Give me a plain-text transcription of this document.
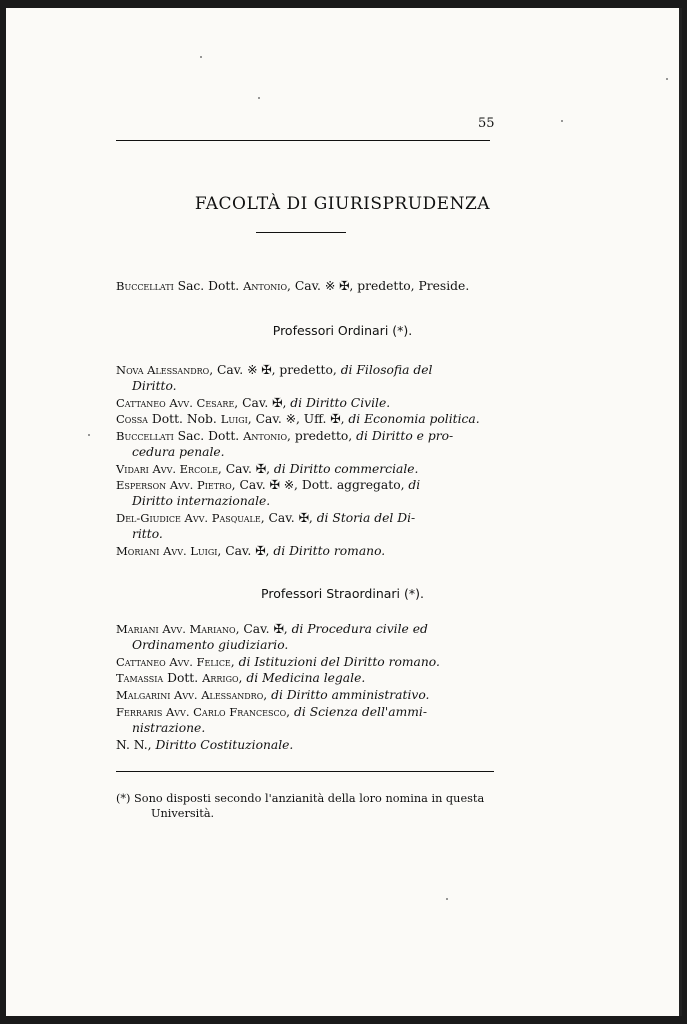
55
FACOLTÀ DI GIURISPRUDENZA
Buccellati Sac. Dott. Antonio, Cav. ※ ✠, predetto, Preside.
Professori Ordinari (*).
Nova Alessandro, Cav. ※ ✠, predetto, di Filosofia del
Diritto.
Cattaneo Avv. Cesare, Cav. ✠, di Diritto Civile.
Cossa Dott. Nob. Luigi, Cav. ※, Uff. ✠, di Economia politica.
Buccellati Sac. Dott. Antonio, predetto, di Diritto e pro-
cedura penale.
Vidari Avv. Ercole, Cav. ✠, di Diritto commerciale.
Esperson Avv. Pietro, Cav. ✠ ※, Dott. aggregato, di
Diritto internazionale.
Del-Giudice Avv. Pasquale, Cav. ✠, di Storia del Di-
ritto.
Moriani Avv. Luigi, Cav. ✠, di Diritto romano.
Professori Straordinari (*).
Mariani Avv. Mariano, Cav. ✠, di Procedura civile ed
Ordinamento giudiziario.
Cattaneo Avv. Felice, di Istituzioni del Diritto romano.
Tamassia Dott. Arrigo, di Medicina legale.
Malgarini Avv. Alessandro, di Diritto amministrativo.
Ferraris Avv. Carlo Francesco, di Scienza dell'ammi-
nistrazione.
N. N., Diritto Costituzionale.
(*) Sono disposti secondo l'anzianità della loro nomina in questa
Università.
